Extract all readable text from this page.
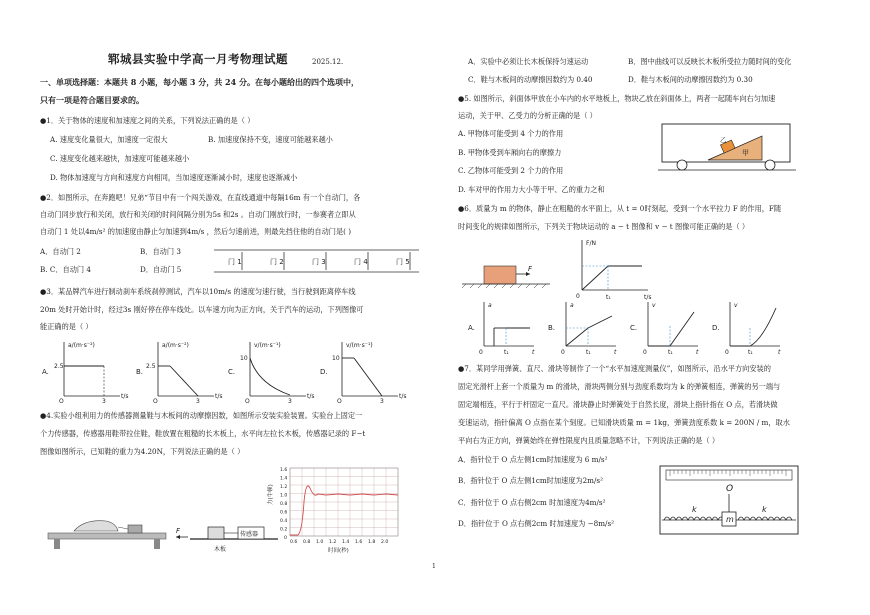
郓城县实验中学高一月考物理试题	2025.12.
一、单项选择题：本题共 8 小题，每小题 3 分，共 24 分。在每小题给出的四个选项中，
只有一项是符合题目要求的。
●1．关于物体的速度和加速度之间的关系，下列说法正确的是（ ）
A. 速度变化量很大，加速度一定很大	B. 加速度保持不变，速度可能越来越小
C. 速度变化越来越快，加速度可能越来越小
D. 物体加速度与方向和速度方向相同，当加速度逐渐减小时，速度也逐渐减小
●2．如图所示，在奔跑吧！兄弟“节目中有一个闯关游戏，在直线通道中每隔16m 有一个自动门，各
自动门同步放行和关闭，放行和关闭的时间间隔分别为5s 和2s 。自动门刚放行时，一参赛者立即从
自动门 1 处以4m/s² 的加速度由静止匀加速到4m/s ，然后匀速前进，则最先挡住他的自动门是( )
A．自动门 2	B．自动门 3
B. C．自动门 4	D．自动门 5
门 1	门 2	门 3	门 4	门 5
●3．某品牌汽车进行制动刹车系统刹停测试，汽车以10m/s 的速度匀速行驶，当行驶到距离停车线
20m 处时开始计时，经过3s 刚好停在停车线处。以车速方向为正方向，关于汽车的运动，下列图像可
能正确的是（ ）
A.
a/(m·s⁻²)
2.5
3
t/s
O
B.
a/(m·s⁻²)
2.5
3
t/s
O
C.
v/(m·s⁻¹)
10
3
t/s
O
D.
v/(m·s⁻¹)
10
3
t/s
O
●4.实验小组利用力的传感器测量鞋与木板间的动摩擦因数，如图所示安装实验装置。实验台上固定一
个力传感器，传感器用鞋带拉住鞋，鞋放置在粗糙的长木板上，水平向左拉长木板，传感器记录的 F−t
图像如图所示，已知鞋的重力为4.20N，下列说法正确的是（ ）
F	传感器
木板
力(牛顿)
1.6
1.4
1.2
1.0
0.8
0.6
0.4
0.2
0
0.6 0.8 1.0 1.2 1.4 1.6 1.8 2.0
时间(秒)
A．实验中必须让长木板保持匀速运动	B．图中曲线可以反映长木板所受拉力随时间的变化
C．鞋与木板间的动摩擦因数约为 0.40	D．鞋与木板间的动摩擦因数约为 0.30
●5. 如图所示，斜面体甲放在小车内的水平地板上，物块乙放在斜面体上，两者一起随车向右匀加速
运动，关于甲、乙受力的分析正确的是（ ）
A. 甲物体可能受到 4 个力的作用
B. 甲物体受到车厢向右的摩擦力
C. 乙物体可能受到 2 个力的作用
D. 车对甲的作用力大小等于甲、乙的重力之和
甲
乙
●6．质量为 m 的物体，静止在粗糙的水平面上，从 t = 0时刻起，受到一个水平拉力 F 的作用，F随
时间变化的规律如图所示，下列关于物块运动的 a − t 图像和 v − t 图像可能正确的是（ ）
F
F/N
t/s
0	t₁
A.
a
t
0	t₁
B.
a
t
0	t₁
C.
v
t
0	t₁
D.
v
t
0	t₁
●7．某同学用弹簧、直尺、滑块等制作了一个“水平加速度测量仪”，如图所示，沿水平方向安装的
固定光滑杆上套一个质量为 m 的滑块，滑块两侧分别与劲度系数均为 k 的弹簧相连，弹簧的另一端与
固定端相连，平行于杆固定一直尺。滑块静止时弹簧处于自然长度，滑块上指针指在 O 点，若滑块做
变速运动，指针偏离 O 点指在某个刻度。已知滑块质量 m = 1kg，弹簧劲度系数 k = 200N / m，取水
平向右为正方向，弹簧始终在弹性限度内且质量忽略不计，下列说法正确的是（ ）
A．指针位于 O 点左侧1cm时加速度为 6 m/s²
B．指针位于 O 点左侧1cm时加速度为2m/s²
C．指针位于 O 点右侧2cm 时加速度为4m/s²
D．指针位于 O 点右侧2cm 时加速度为 −8m/s²
O
m
k	k
1
